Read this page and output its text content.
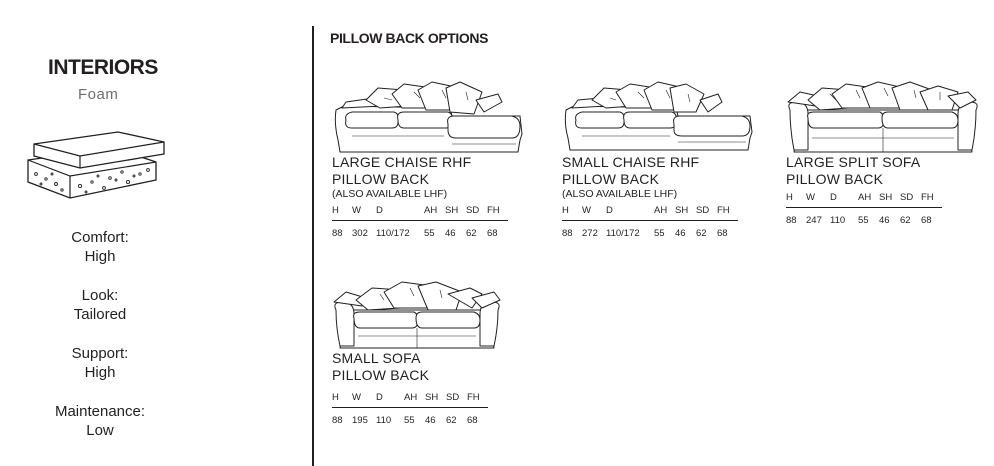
INTERIORS
Foam
Comfort:
High
Look:
Tailored
Support:
High
Maintenance:
Low
PILLOW BACK OPTIONS
LARGE CHAISE RHF
PILLOW BACK
(ALSO AVAILABLE LHF)
H	W	D	AH	SH	SD	FH
88	302	110/172	55	46	62	68
SMALL CHAISE RHF
PILLOW BACK
(ALSO AVAILABLE LHF)
H	W	D	AH	SH	SD	FH
88	272	110/172	55	46	62	68
LARGE SPLIT SOFA
PILLOW BACK
H	W	D	AH	SH	SD	FH
88	247	110	55	46	62	68
SMALL SOFA
PILLOW BACK
H	W	D	AH	SH	SD	FH
88	195	110	55	46	62	68
